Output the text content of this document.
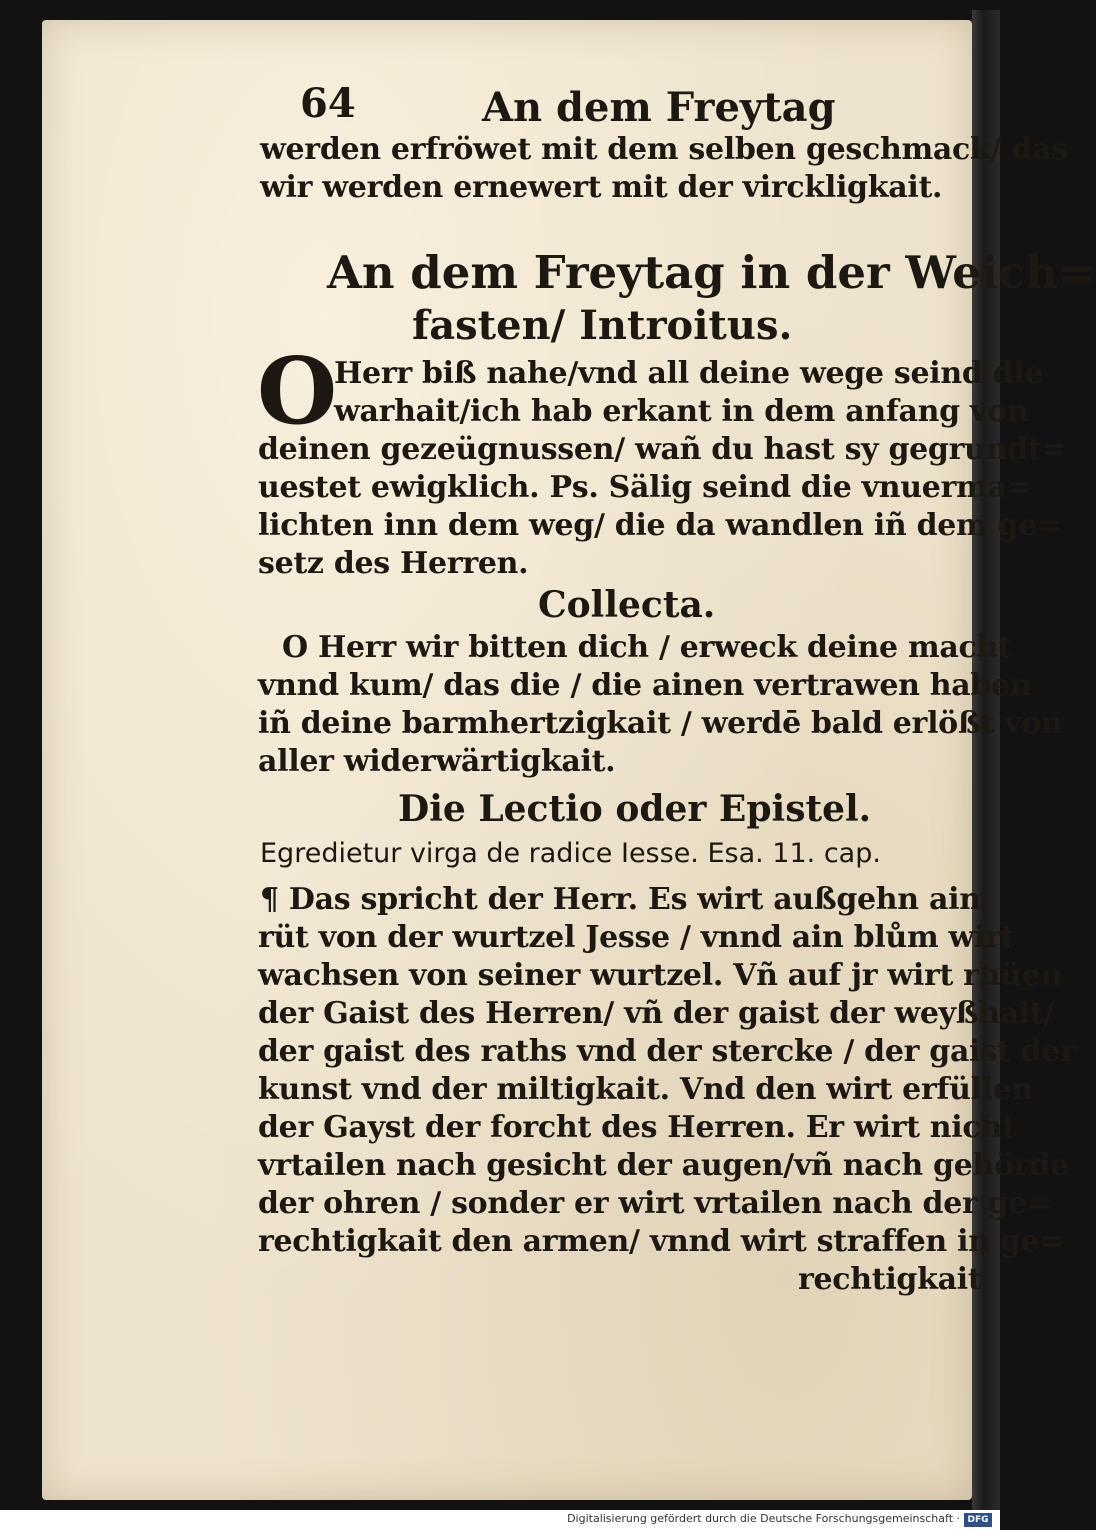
64	An dem Freytag
werden erfröwet mit dem selben geschmack/ das
wir werden ernewert mit der virckligkait.
An dem Freytag in der Weich=
fasten/ Introitus.
O
Herr biß nahe/vnd all deine wege seind die
warhait/ich hab erkant in dem anfang von
deinen gezeügnussen/ wañ du hast sy gegrundt=
uestet ewigklich. Ps. Sälig seind die vnuerma=
lichten inn dem weg/ die da wandlen iñ dem ge=
setz des Herren.
Collecta.
O Herr wir bitten dich / erweck deine macht
vnnd kum/ das die / die ainen vertrawen haben
iñ deine barmhertzigkait / werdē bald erlößt von
aller widerwärtigkait.
Die Lectio oder Epistel.
Egredietur virga de radice Iesse. Esa. 11. cap.
¶ Das spricht der Herr. Es wirt außgehn ain
rüt von der wurtzel Jesse / vnnd ain blům wirt
wachsen von seiner wurtzel. Vñ auf jr wirt rhüen
der Gaist des Herren/ vñ der gaist der weyßhait/
der gaist des raths vnd der stercke / der gaist der
kunst vnd der miltigkait. Vnd den wirt erfüllen
der Gayst der forcht des Herren. Er wirt nicht
vrtailen nach gesicht der augen/vñ nach gehörde
der ohren / sonder er wirt vrtailen nach der ge=
rechtigkait den armen/ vnnd wirt straffen in ge=
rechtigkait
Digitalisierung gefördert durch die Deutsche Forschungsgemeinschaft · DFG
